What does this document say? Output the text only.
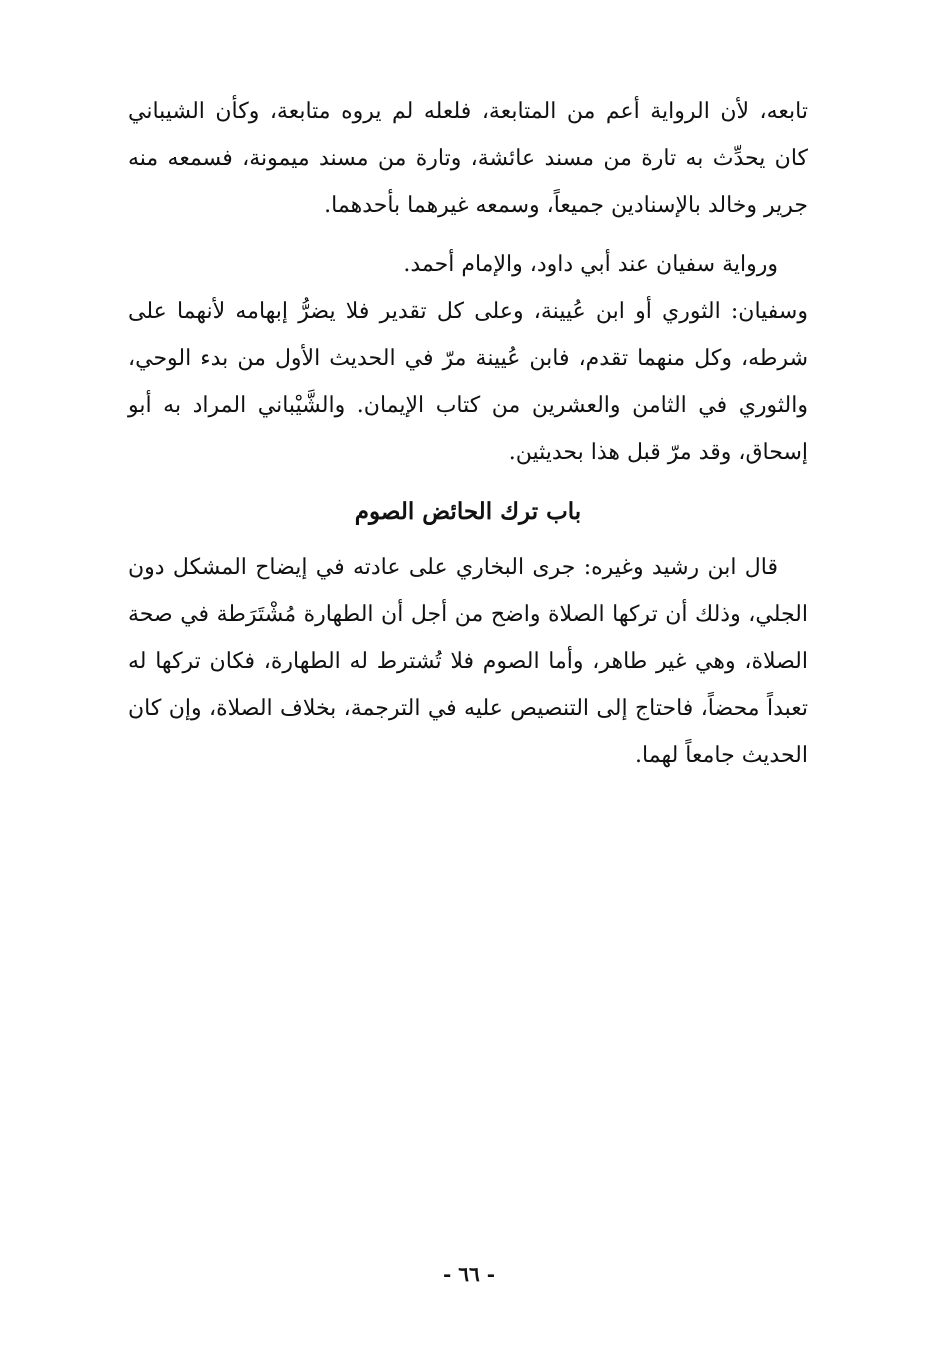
تابعه، لأن الرواية أعم من المتابعة، فلعله لم يروه متابعة، وكأن الشيباني كان يحدِّث به تارة من مسند عائشة، وتارة من مسند ميمونة، فسمعه منه جرير وخالد بالإسنادين جميعاً، وسمعه غيرهما بأحدهما.

ورواية سفيان عند أبي داود، والإمام أحمد.

وسفيان: الثوري أو ابن عُيينة، وعلى كل تقدير فلا يضرُّ إبهامه لأنهما على شرطه، وكل منهما تقدم، فابن عُيينة مرّ في الحديث الأول من بدء الوحي، والثوري في الثامن والعشرين من كتاب الإيمان. والشَّيْباني المراد به أبو إسحاق، وقد مرّ قبل هذا بحديثين.

باب ترك الحائض الصوم

قال ابن رشيد وغيره: جرى البخاري على عادته في إيضاح المشكل دون الجلي، وذلك أن تركها الصلاة واضح من أجل أن الطهارة مُشْتَرَطة في صحة الصلاة، وهي غير طاهر، وأما الصوم فلا تُشترط له الطهارة، فكان تركها له تعبداً محضاً، فاحتاج إلى التنصيص عليه في الترجمة، بخلاف الصلاة، وإن كان الحديث جامعاً لهما.

- ٦٦ -
